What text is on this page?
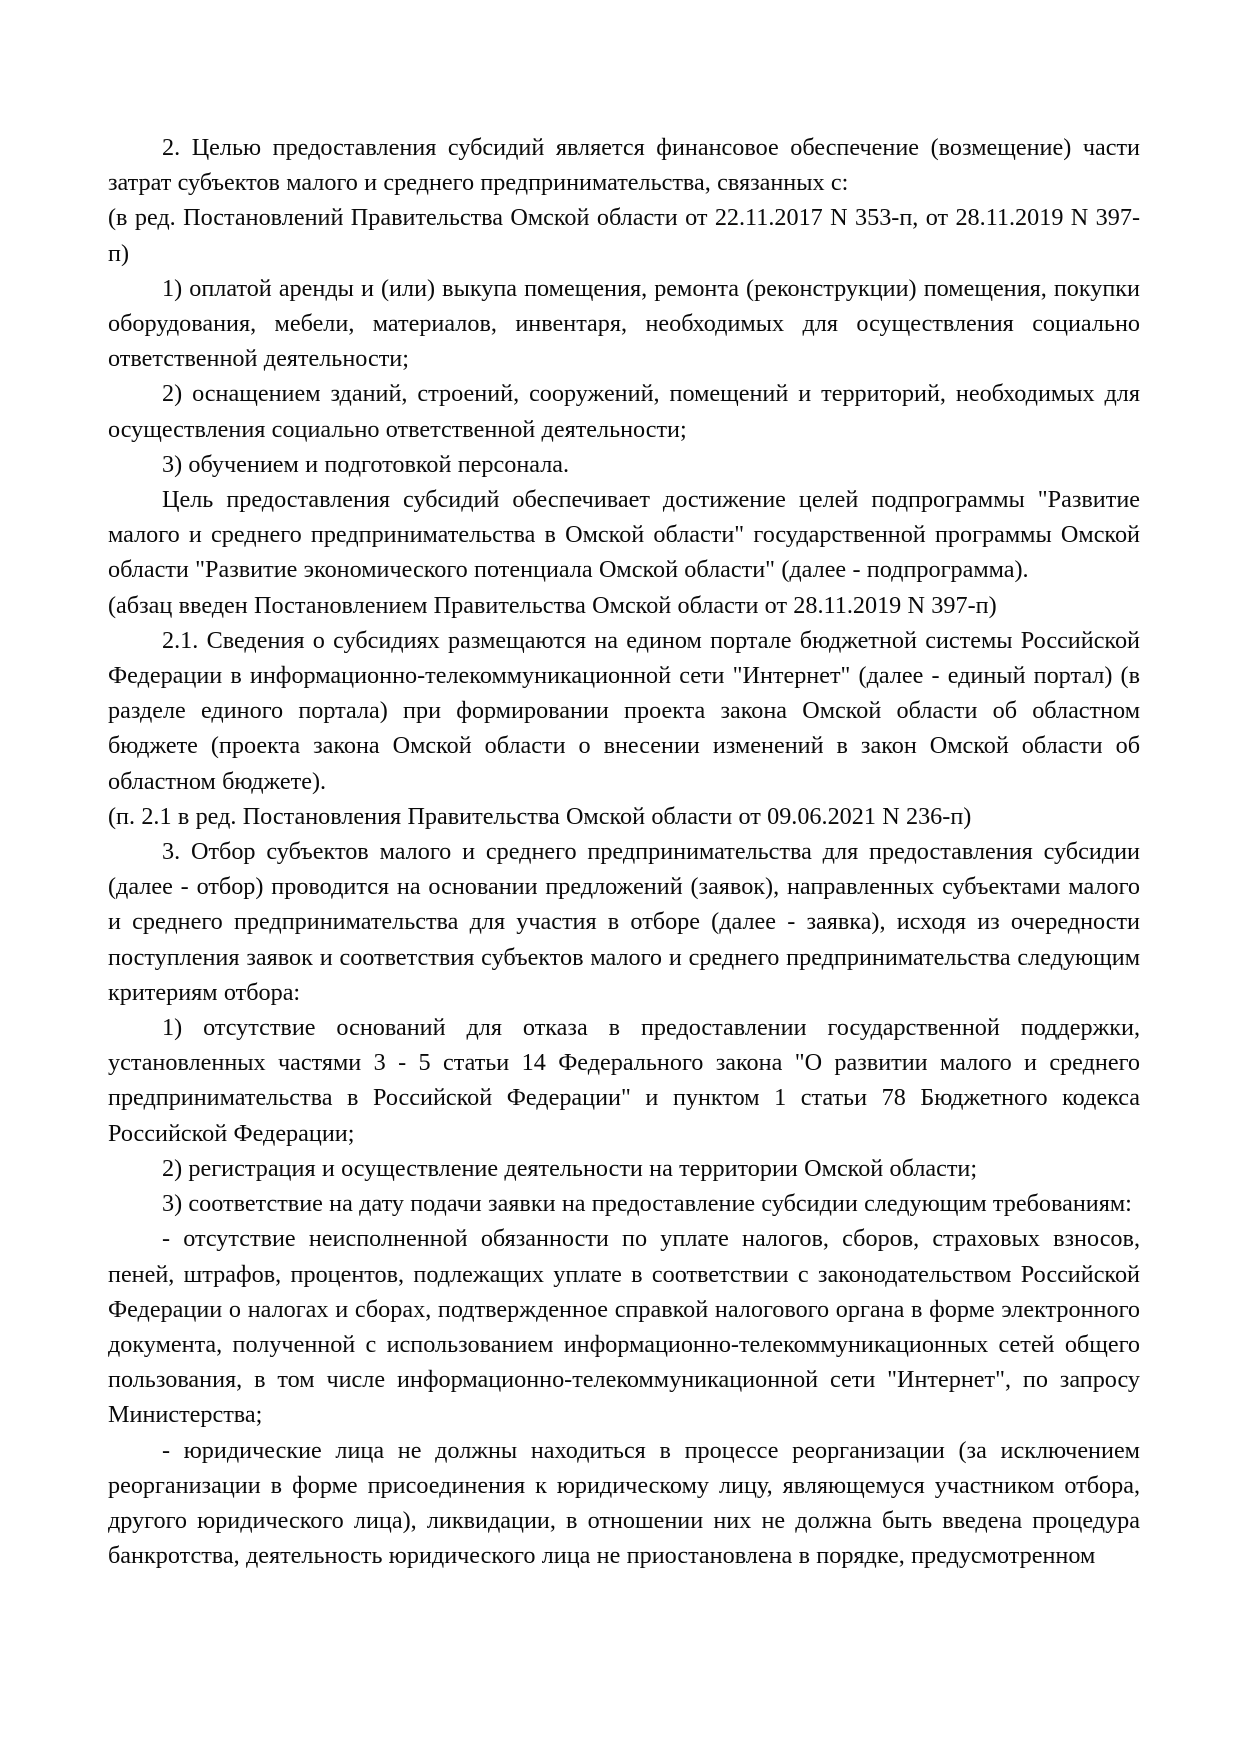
2. Целью предоставления субсидий является финансовое обеспечение (возмещение) части затрат субъектов малого и среднего предпринимательства, связанных с:

(в ред. Постановлений Правительства Омской области от 22.11.2017 N 353-п, от 28.11.2019 N 397-п)

1) оплатой аренды и (или) выкупа помещения, ремонта (реконструкции) помещения, покупки оборудования, мебели, материалов, инвентаря, необходимых для осуществления социально ответственной деятельности;

2) оснащением зданий, строений, сооружений, помещений и территорий, необходимых для осуществления социально ответственной деятельности;

3) обучением и подготовкой персонала.

Цель предоставления субсидий обеспечивает достижение целей подпрограммы "Развитие малого и среднего предпринимательства в Омской области" государственной программы Омской области "Развитие экономического потенциала Омской области" (далее - подпрограмма).

(абзац введен Постановлением Правительства Омской области от 28.11.2019 N 397-п)

2.1. Сведения о субсидиях размещаются на едином портале бюджетной системы Российской Федерации в информационно-телекоммуникационной сети "Интернет" (далее - единый портал) (в разделе единого портала) при формировании проекта закона Омской области об областном бюджете (проекта закона Омской области о внесении изменений в закон Омской области об областном бюджете).

(п. 2.1 в ред. Постановления Правительства Омской области от 09.06.2021 N 236-п)

3. Отбор субъектов малого и среднего предпринимательства для предоставления субсидии (далее - отбор) проводится на основании предложений (заявок), направленных субъектами малого и среднего предпринимательства для участия в отборе (далее - заявка), исходя из очередности поступления заявок и соответствия субъектов малого и среднего предпринимательства следующим критериям отбора:

1) отсутствие оснований для отказа в предоставлении государственной поддержки, установленных частями 3 - 5 статьи 14 Федерального закона "О развитии малого и среднего предпринимательства в Российской Федерации" и пунктом 1 статьи 78 Бюджетного кодекса Российской Федерации;

2) регистрация и осуществление деятельности на территории Омской области;

3) соответствие на дату подачи заявки на предоставление субсидии следующим требованиям:

- отсутствие неисполненной обязанности по уплате налогов, сборов, страховых взносов, пеней, штрафов, процентов, подлежащих уплате в соответствии с законодательством Российской Федерации о налогах и сборах, подтвержденное справкой налогового органа в форме электронного документа, полученной с использованием информационно-телекоммуникационных сетей общего пользования, в том числе информационно-телекоммуникационной сети "Интернет", по запросу Министерства;

- юридические лица не должны находиться в процессе реорганизации (за исключением реорганизации в форме присоединения к юридическому лицу, являющемуся участником отбора, другого юридического лица), ликвидации, в отношении них не должна быть введена процедура банкротства, деятельность юридического лица не приостановлена в порядке, предусмотренном
